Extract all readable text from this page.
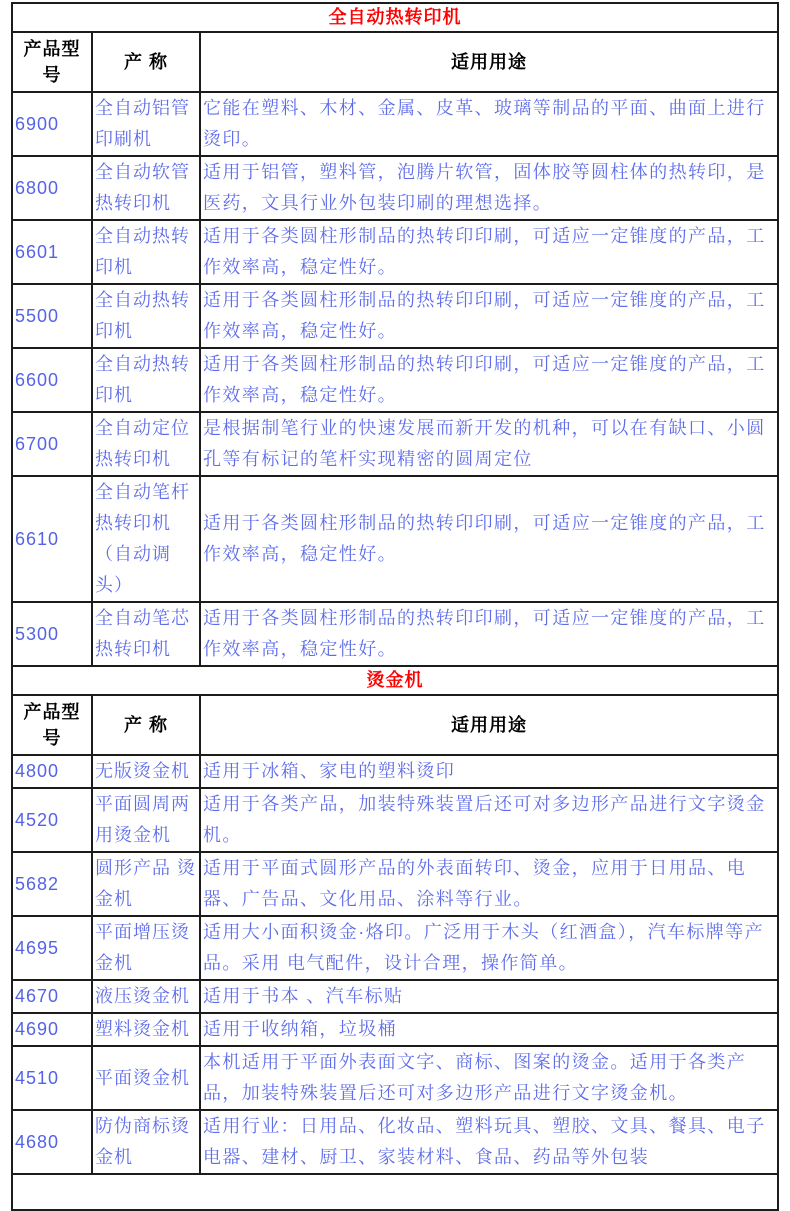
全自动热转印机		
产品型号	产 称	适用用途
6900	全自动铝管印刷机	它能在塑料、木材、金属、皮革、玻璃等制品的平面、曲面上进行烫印。
6800	全自动软管热转印机	适用于铝管，塑料管，泡腾片软管，固体胶等圆柱体的热转印，是医药，文具行业外包装印刷的理想选择。
6601	全自动热转印机	适用于各类圆柱形制品的热转印印刷，可适应一定锥度的产品，工作效率高，稳定性好。
5500	全自动热转印机	适用于各类圆柱形制品的热转印印刷，可适应一定锥度的产品，工作效率高，稳定性好。
6600	全自动热转印机	适用于各类圆柱形制品的热转印印刷，可适应一定锥度的产品，工作效率高，稳定性好。
6700	全自动定位热转印机	是根据制笔行业的快速发展而新开发的机种，可以在有缺口、小圆孔等有标记的笔杆实现精密的圆周定位
6610	全自动笔杆热转印机（自动调头）	适用于各类圆柱形制品的热转印印刷，可适应一定锥度的产品，工作效率高，稳定性好。
5300	全自动笔芯热转印机	适用于各类圆柱形制品的热转印印刷，可适应一定锥度的产品，工作效率高，稳定性好。
烫金机		
产品型号	产 称	适用用途
4800	无版烫金机	适用于冰箱、家电的塑料烫印
4520	平面圆周两用烫金机	适用于各类产品，加装特殊装置后还可对多边形产品进行文字烫金机。
5682	圆形产品 烫金机	适用于平面式圆形产品的外表面转印、烫金，应用于日用品、电器、广告品、文化用品、涂料等行业。
4695	平面增压烫金机	适用大小面积烫金·烙印。广泛用于木头（红酒盒），汽车标牌等产品。采用 电气配件，设计合理，操作简单。
4670	液压烫金机	适用于书本 、汽车标贴
4690	塑料烫金机	适用于收纳箱，垃圾桶
4510	平面烫金机	本机适用于平面外表面文字、商标、图案的烫金。适用于各类产品，加装特殊装置后还可对多边形产品进行文字烫金机。
4680	防伪商标烫金机	适用行业：日用品、化妆品、塑料玩具、塑胶、文具、餐具、电子电器、建材、厨卫、家装材料、食品、药品等外包装
